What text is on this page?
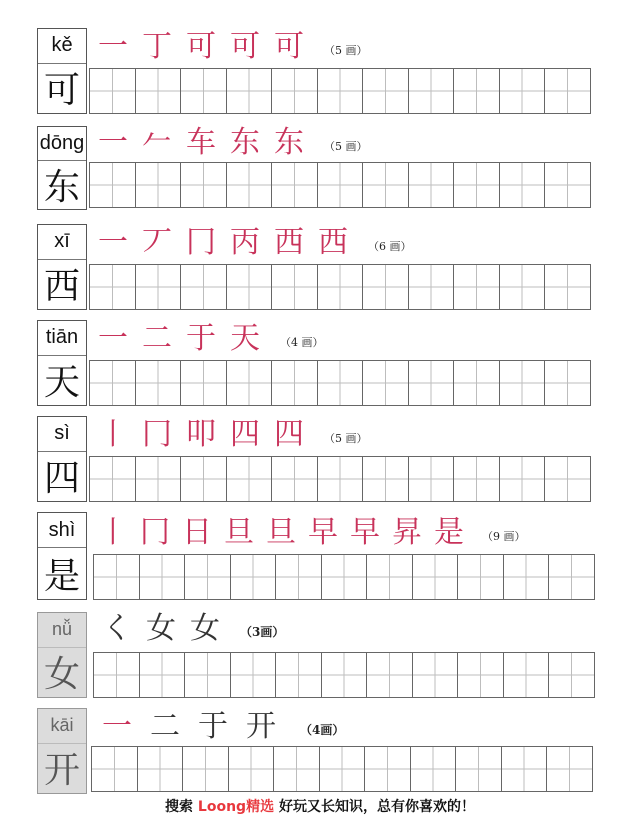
kě
可
一 丁 可 可 可 （5 画）
dōng
东
一 𠂉 车 东 东 （5 画）
xī
西
一 丆 冂 丙 西 西 （6 画）
tiān
天
一 二 于 天 （4 画）
sì
四
丨 冂 叩 四 四 （5 画）
shì
是
丨 冂 日 旦 旦 早 早 昇 是 （9 画）
nǚ
女
く 女 女 （3画）
kāi
开
一 二 于 开 （4画）
搜索 Loong精选 好玩又长知识，总有你喜欢的！
